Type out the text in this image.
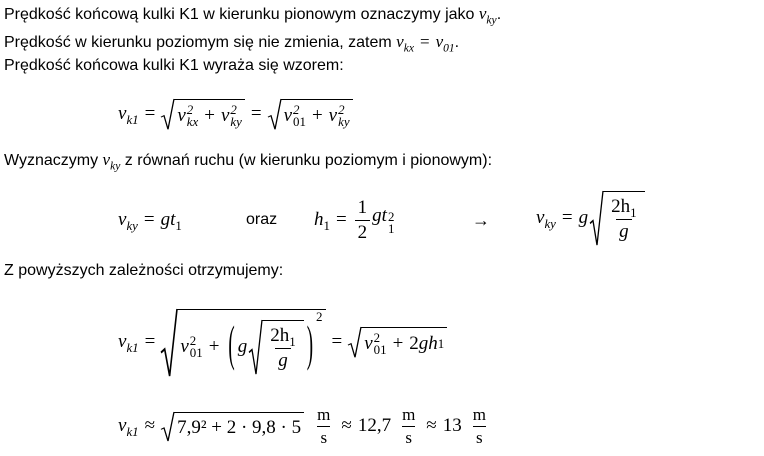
Prędkość końcową kulki K1 w kierunku pionowym oznaczymy jako $v_{ky}$.
Prędkość w kierunku poziomym się nie zmienia, zatem $v_{kx} = v_{01}$.
Prędkość końcowa kulki K1 wyraża się wzorem:
$v_{k1} = v$ 2
kx + v 2
ky = v 2
01 + v 2
ky
Wyznaczymy $v_{ky}$ z równań ruchu (w kierunku poziomym i pionowym):
$v_{ky} = gt_1$	oraz $h_1 = \frac{1}{2}$ gt 2
1	→ $v_{ky} = g \frac{2h_1}{g}$
Z powyższych zależności otrzymujemy:
$v_{k1} = v$ 2
01 + ( g $\frac{2h_1}{g}$ )
$^2$
= v 2
01 + 2 g h 1
$v_{k1} \approx 7,9^2 + 2 \cdot 9,8 \cdot 5 \frac{m}{s} \approx 12,7 \frac{m}{s} \approx 13 \frac{m}{s}$
